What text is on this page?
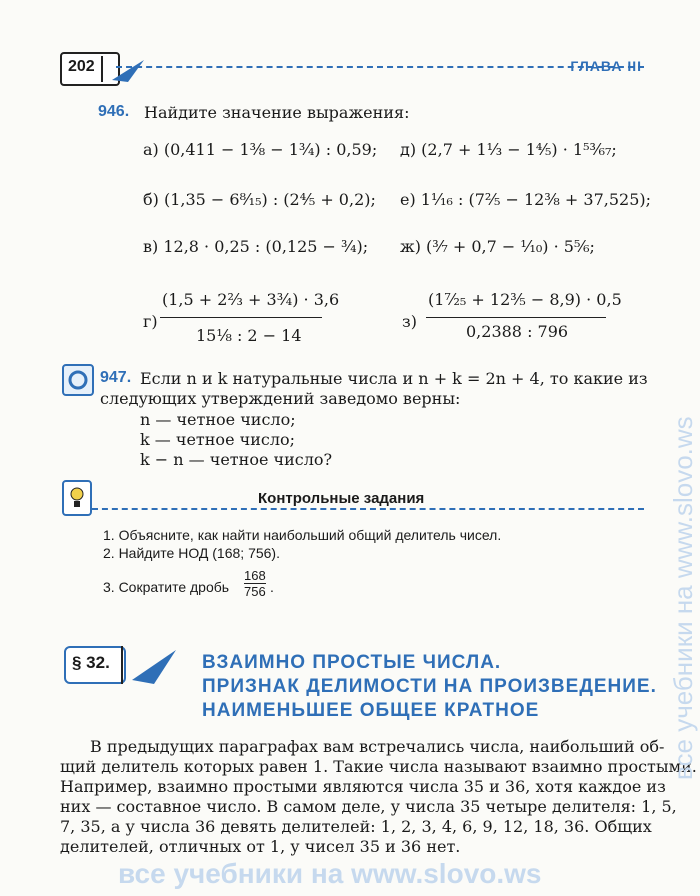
202	ГЛАВА III
946. Найдите значение выражения:
а) (0,411 − 1³⁄₈ − 1³⁄₄) : 0,59;
б) (1,35 − 6⁸⁄₁₅) : (2⁴⁄₅ + 0,2);
в) 12,8 · 0,25 : (0,125 − ³⁄₄);
г)
(1,5 + 2²⁄₃ + 3³⁄₄) · 3,6
15¹⁄₈ : 2 − 14
д) (2,7 + 1¹⁄₃ − 1⁴⁄₅) · 1⁵³⁄₆₇;
е) 1¹⁄₁₆ : (7²⁄₅ − 12³⁄₈ + 37,525);
ж) (³⁄₇ + 0,7 − ¹⁄₁₀) · 5⁵⁄₆;
з)
(1⁷⁄₂₅ + 12³⁄₅ − 8,9) · 0,5
0,2388 : 796
947. Если n и k натуральные числа и n + k = 2n + 4, то какие из
следующих утверждений заведомо верны:
n — четное число;
k — четное число;
k − n — четное число?
Контрольные задания
1. Объясните, как найти наибольший общий делитель чисел.
2. Найдите НОД (168; 756).
3. Сократите дробь $\frac{168}{756}$ .
§ 32.	ВЗАИМНО ПРОСТЫЕ ЧИСЛА.
ПРИЗНАК ДЕЛИМОСТИ НА ПРОИЗВЕДЕНИЕ.
НАИМЕНЬШЕЕ ОБЩЕЕ КРАТНОЕ
В предыдущих параграфах вам встречались числа, наибольший об-
щий делитель которых равен 1. Такие числа называют взаимно простыми.
Например, взаимно простыми являются числа 35 и 36, хотя каждое из
них — составное число. В самом деле, у числа 35 четыре делителя: 1, 5,
7, 35, а у числа 36 девять делителей: 1, 2, 3, 4, 6, 9, 12, 18, 36. Общих
делителей, отличных от 1, у чисел 35 и 36 нет.
все учебники на www.slovo.ws
все учебники на www.slovo.ws
